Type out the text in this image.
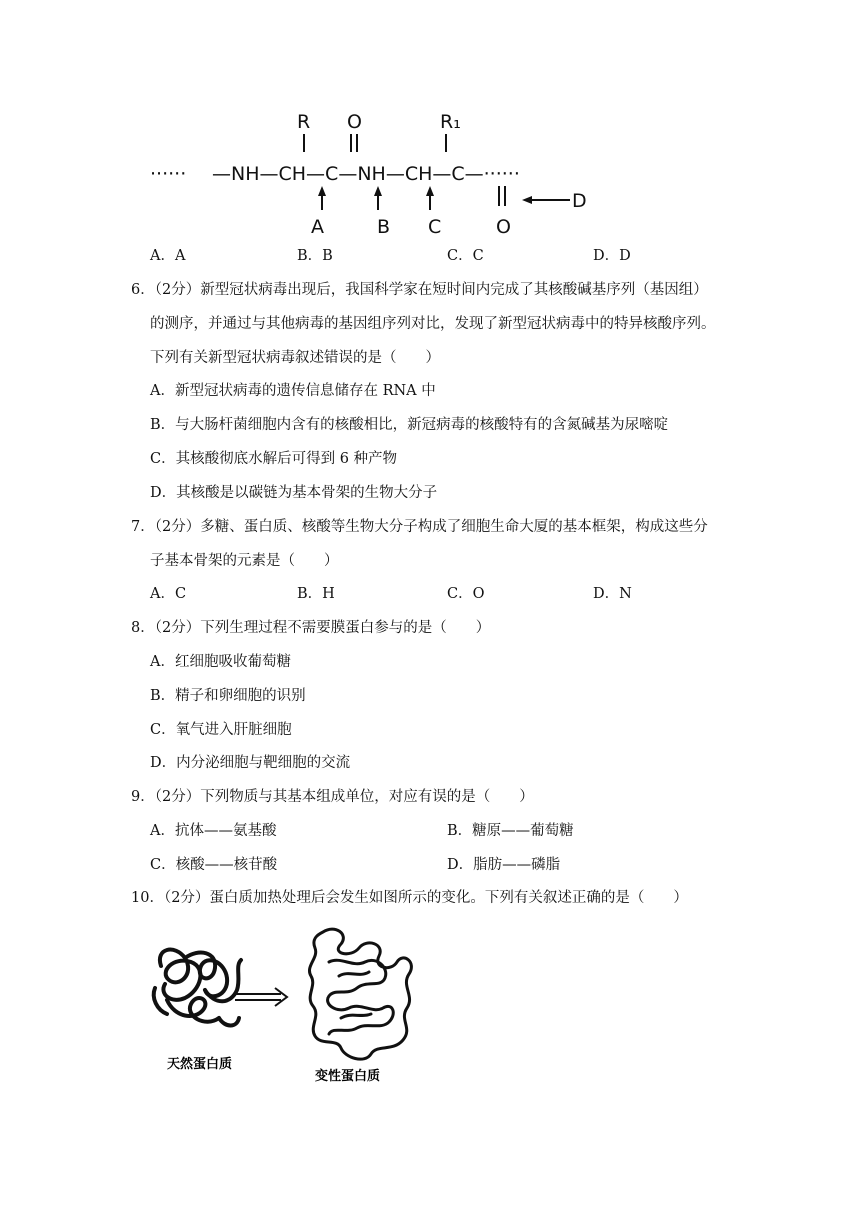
R O	R₁
······ —NH—CH—C—NH—CH—C—······
A	B C
D
O
A．A	B．B	C．C	D．D
6．（2分）新型冠状病毒出现后，我国科学家在短时间内完成了其核酸碱基序列（基因组）
的测序，并通过与其他病毒的基因组序列对比，发现了新型冠状病毒中的特异核酸序列。
下列有关新型冠状病毒叙述错误的是（　　）
A．新型冠状病毒的遗传信息储存在 RNA 中
B．与大肠杆菌细胞内含有的核酸相比，新冠病毒的核酸特有的含氮碱基为尿嘧啶
C．其核酸彻底水解后可得到 6 种产物
D．其核酸是以碳链为基本骨架的生物大分子
7．（2分）多糖、蛋白质、核酸等生物大分子构成了细胞生命大厦的基本框架，构成这些分
子基本骨架的元素是（　　）
A．C	B．H	C．O	D．N
8．（2分）下列生理过程不需要膜蛋白参与的是（　　）
A．红细胞吸收葡萄糖
B．精子和卵细胞的识别
C．氧气进入肝脏细胞
D．内分泌细胞与靶细胞的交流
9．（2分）下列物质与其基本组成单位，对应有误的是（　　）
A．抗体——氨基酸	B．糖原——葡萄糖
C．核酸——核苷酸	D．脂肪——磷脂
10．（2分）蛋白质加热处理后会发生如图所示的变化。下列有关叙述正确的是（　　）
天然蛋白质
变性蛋白质
